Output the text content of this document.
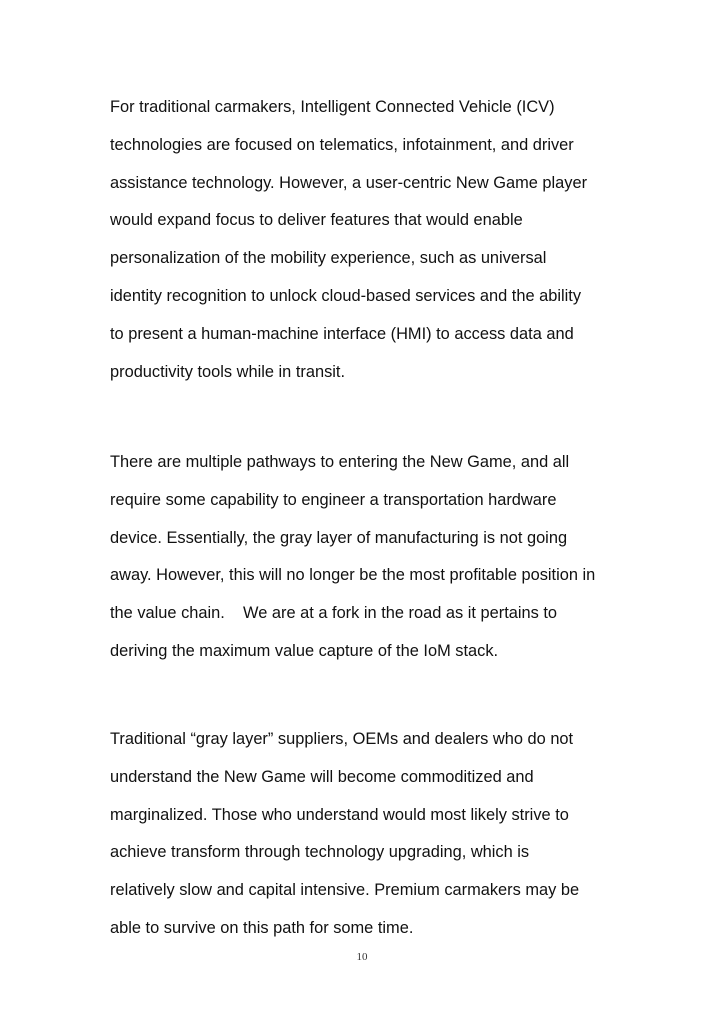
For traditional carmakers, Intelligent Connected Vehicle (ICV)
technologies are focused on telematics, infotainment, and driver
assistance technology. However, a user-centric New Game player
would expand focus to deliver features that would enable
personalization of the mobility experience, such as universal
identity recognition to unlock cloud-based services and the ability
to present a human-machine interface (HMI) to access data and
productivity tools while in transit.

There are multiple pathways to entering the New Game, and all
require some capability to engineer a transportation hardware
device. Essentially, the gray layer of manufacturing is not going
away. However, this will no longer be the most profitable position in
the value chain.    We are at a fork in the road as it pertains to
deriving the maximum value capture of the IoM stack.

Traditional “gray layer” suppliers, OEMs and dealers who do not
understand the New Game will become commoditized and
marginalized. Those who understand would most likely strive to
achieve transform through technology upgrading, which is
relatively slow and capital intensive. Premium carmakers may be
able to survive on this path for some time.

10
